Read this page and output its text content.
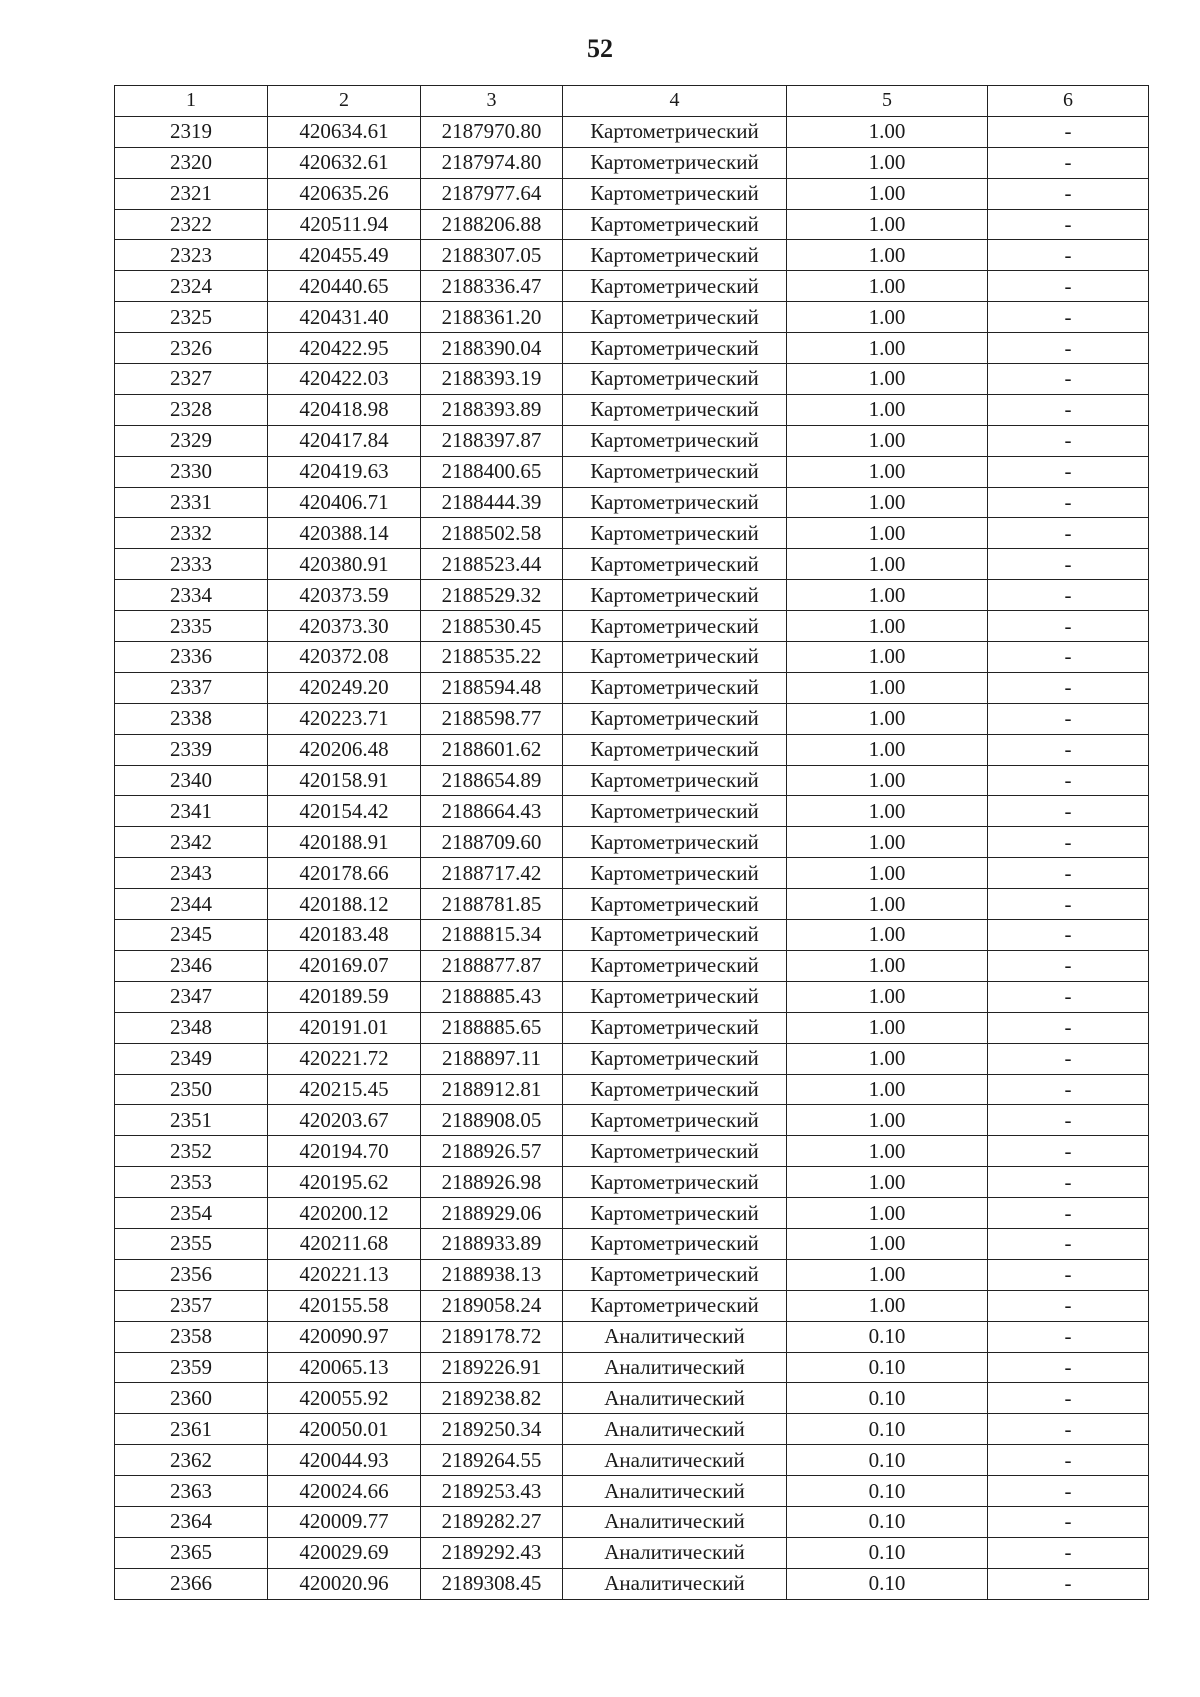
52
1	2	3	4	5	6
2319	420634.61	2187970.80	Картометрический	1.00	-
2320	420632.61	2187974.80	Картометрический	1.00	-
2321	420635.26	2187977.64	Картометрический	1.00	-
2322	420511.94	2188206.88	Картометрический	1.00	-
2323	420455.49	2188307.05	Картометрический	1.00	-
2324	420440.65	2188336.47	Картометрический	1.00	-
2325	420431.40	2188361.20	Картометрический	1.00	-
2326	420422.95	2188390.04	Картометрический	1.00	-
2327	420422.03	2188393.19	Картометрический	1.00	-
2328	420418.98	2188393.89	Картометрический	1.00	-
2329	420417.84	2188397.87	Картометрический	1.00	-
2330	420419.63	2188400.65	Картометрический	1.00	-
2331	420406.71	2188444.39	Картометрический	1.00	-
2332	420388.14	2188502.58	Картометрический	1.00	-
2333	420380.91	2188523.44	Картометрический	1.00	-
2334	420373.59	2188529.32	Картометрический	1.00	-
2335	420373.30	2188530.45	Картометрический	1.00	-
2336	420372.08	2188535.22	Картометрический	1.00	-
2337	420249.20	2188594.48	Картометрический	1.00	-
2338	420223.71	2188598.77	Картометрический	1.00	-
2339	420206.48	2188601.62	Картометрический	1.00	-
2340	420158.91	2188654.89	Картометрический	1.00	-
2341	420154.42	2188664.43	Картометрический	1.00	-
2342	420188.91	2188709.60	Картометрический	1.00	-
2343	420178.66	2188717.42	Картометрический	1.00	-
2344	420188.12	2188781.85	Картометрический	1.00	-
2345	420183.48	2188815.34	Картометрический	1.00	-
2346	420169.07	2188877.87	Картометрический	1.00	-
2347	420189.59	2188885.43	Картометрический	1.00	-
2348	420191.01	2188885.65	Картометрический	1.00	-
2349	420221.72	2188897.11	Картометрический	1.00	-
2350	420215.45	2188912.81	Картометрический	1.00	-
2351	420203.67	2188908.05	Картометрический	1.00	-
2352	420194.70	2188926.57	Картометрический	1.00	-
2353	420195.62	2188926.98	Картометрический	1.00	-
2354	420200.12	2188929.06	Картометрический	1.00	-
2355	420211.68	2188933.89	Картометрический	1.00	-
2356	420221.13	2188938.13	Картометрический	1.00	-
2357	420155.58	2189058.24	Картометрический	1.00	-
2358	420090.97	2189178.72	Аналитический	0.10	-
2359	420065.13	2189226.91	Аналитический	0.10	-
2360	420055.92	2189238.82	Аналитический	0.10	-
2361	420050.01	2189250.34	Аналитический	0.10	-
2362	420044.93	2189264.55	Аналитический	0.10	-
2363	420024.66	2189253.43	Аналитический	0.10	-
2364	420009.77	2189282.27	Аналитический	0.10	-
2365	420029.69	2189292.43	Аналитический	0.10	-
2366	420020.96	2189308.45	Аналитический	0.10	-
